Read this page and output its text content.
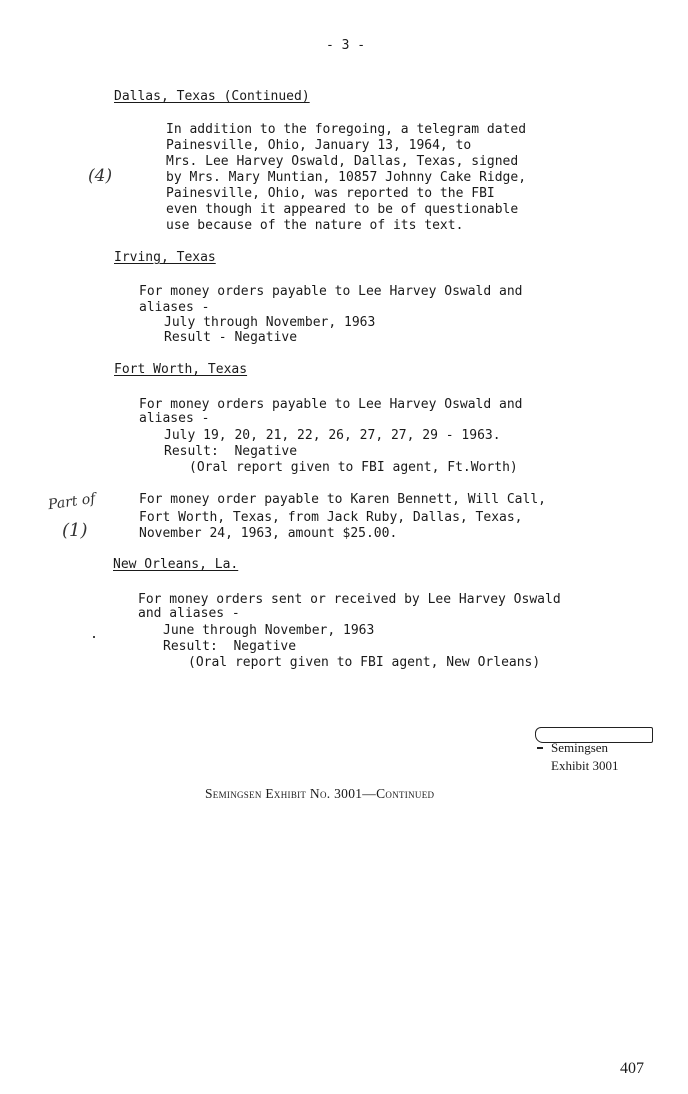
- 3 -
Dallas, Texas (Continued)
In addition to the foregoing, a telegram dated
Painesville, Ohio, January 13, 1964, to
Mrs. Lee Harvey Oswald, Dallas, Texas, signed
by Mrs. Mary Muntian, 10857 Johnny Cake Ridge,
Painesville, Ohio, was reported to the FBI
even though it appeared to be of questionable
use because of the nature of its text.
(4)
Irving, Texas
For money orders payable to Lee Harvey Oswald and
aliases -
July through November, 1963
Result - Negative
Fort Worth, Texas
For money orders payable to Lee Harvey Oswald and
aliases -
July 19, 20, 21, 22, 26, 27, 27, 29 - 1963.
Result:  Negative
(Oral report given to FBI agent, Ft.Worth)
For money order payable to Karen Bennett, Will Call,
Fort Worth, Texas, from Jack Ruby, Dallas, Texas,
November 24, 1963, amount $25.00.
Part of
(1)
New Orleans, La.
For money orders sent or received by Lee Harvey Oswald
and aliases -
June through November, 1963
Result:  Negative
(Oral report given to FBI agent, New Orleans)
Semingsen
Exhibit 3001
Semingsen Exhibit No. 3001—Continued
407
